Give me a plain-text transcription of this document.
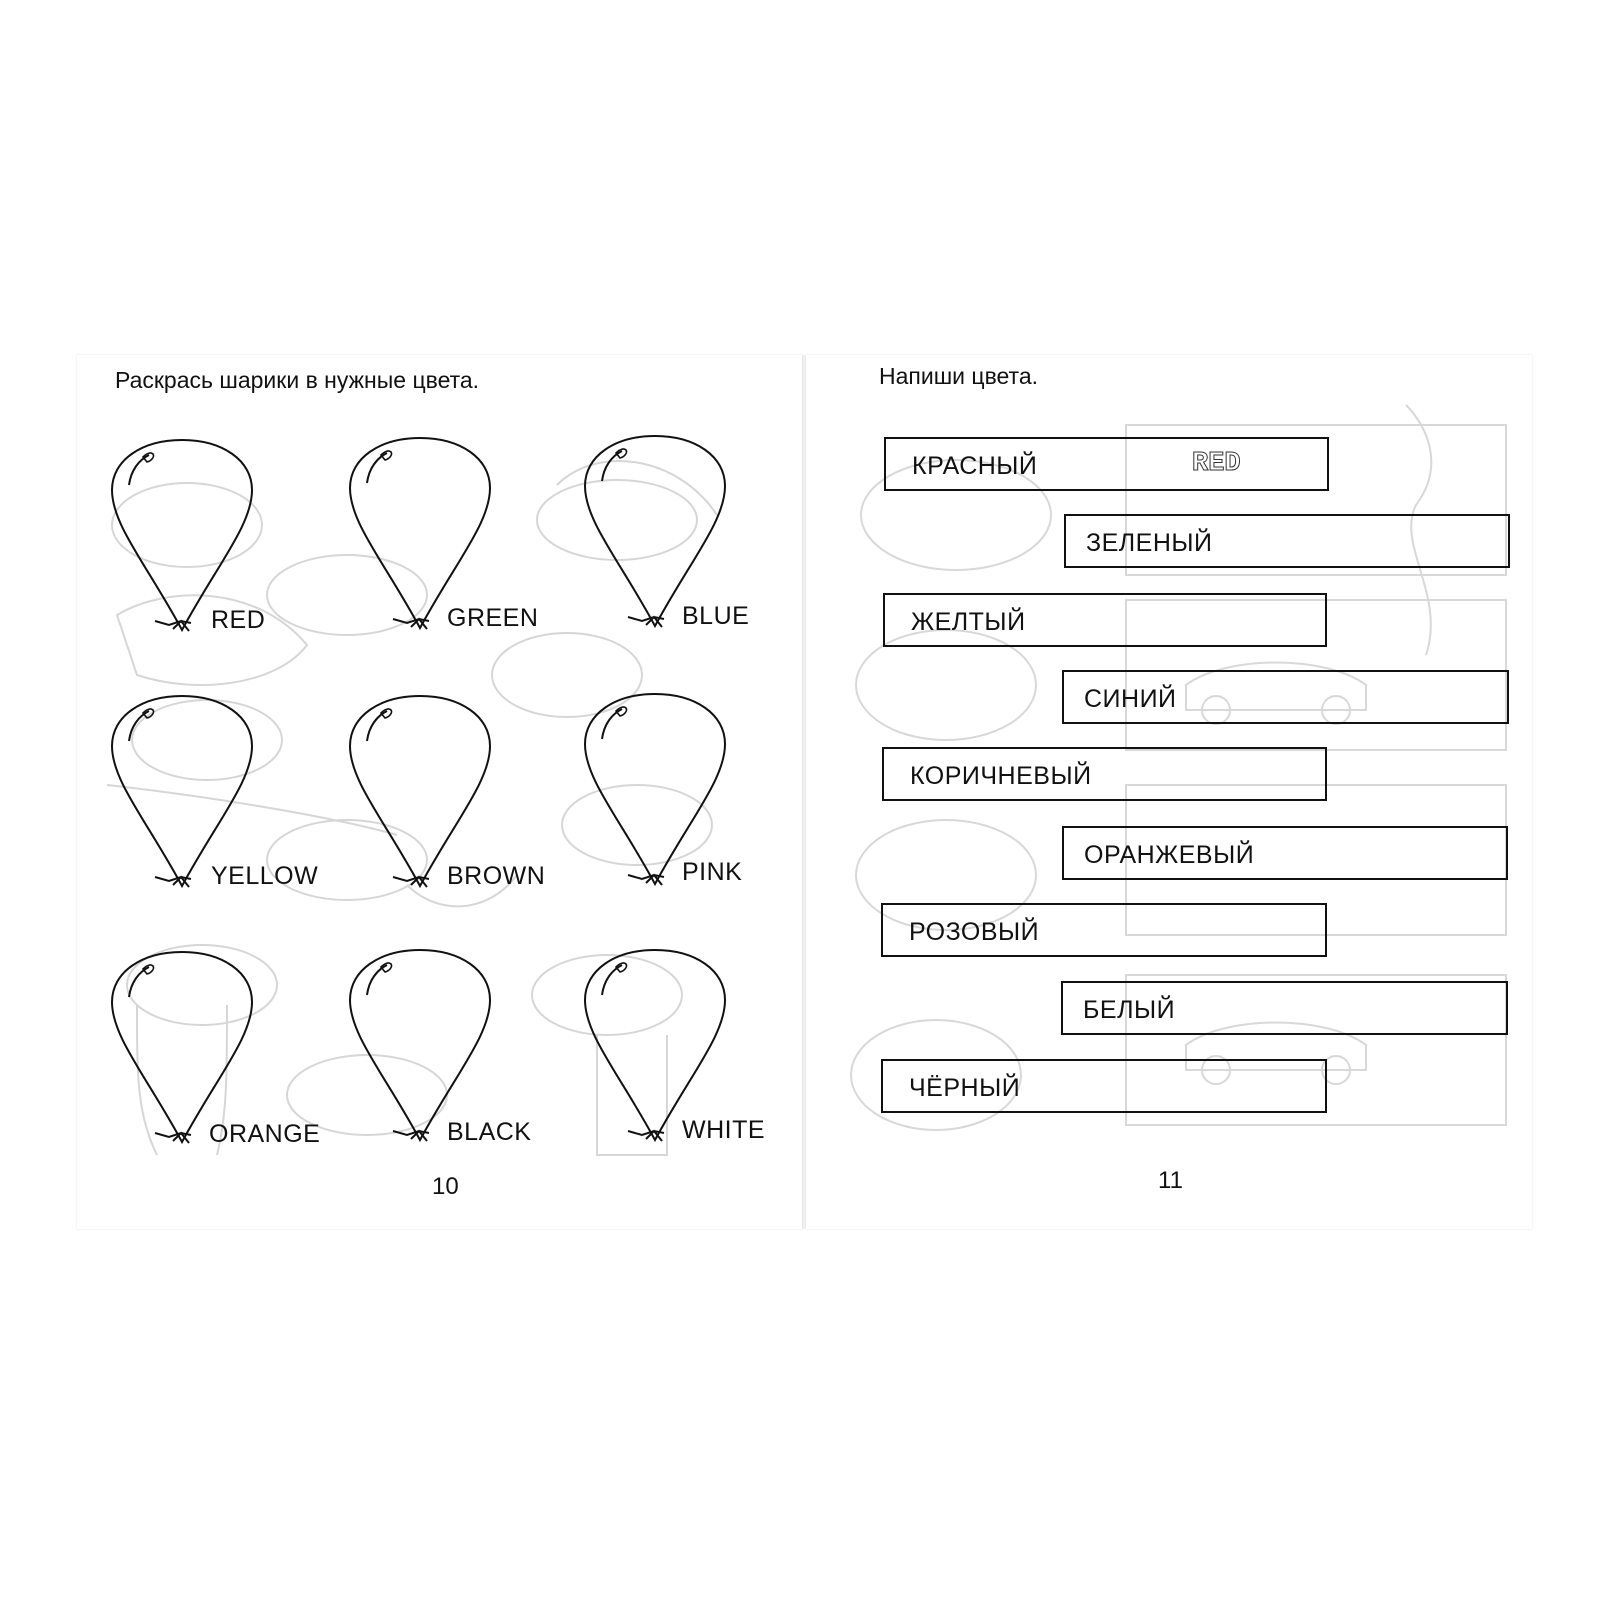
Раскрась шарики в нужные цвета.
RED	GREEN	BLUE
YELLOW	BROWN	PINK
ORANGE	BLACK	WHITE
10
Напиши цвета.
КРАСНЫЙ	RED
ЗЕЛЕНЫЙ
ЖЕЛТЫЙ
СИНИЙ
КОРИЧНЕВЫЙ
ОРАНЖЕВЫЙ
РОЗОВЫЙ
БЕЛЫЙ
ЧЁРНЫЙ
11
